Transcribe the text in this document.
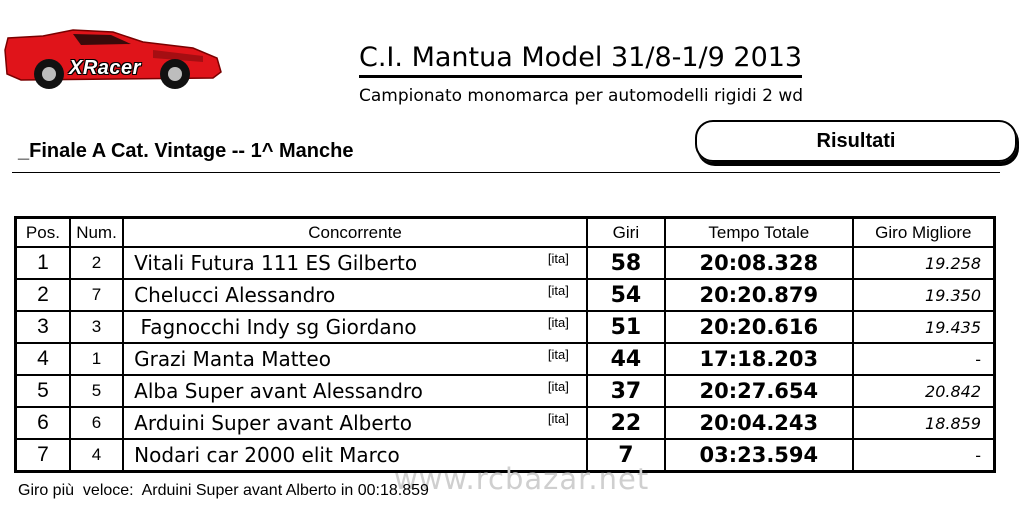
XRacer	C.I. Mantua Model 31/8-1/9 2013
Campionato monomarca per automodelli rigidi 2 wd
_Finale A Cat. Vintage -- 1^ Manche	Risultati
Pos.	Num.	Concorrente	Giri	Tempo Totale	Giro Migliore
1	2	Vitali Futura 111 ES Gilberto [ita]	58	20:08.328	19.258
2	7	Chelucci Alessandro [ita]	54	20:20.879	19.350
3	3	Fagnocchi Indy sg Giordano [ita]	51	20:20.616	19.435
4	1	Grazi Manta Matteo [ita]	44	17:18.203	-
5	5	Alba Super avant Alessandro [ita]	37	20:27.654	20.842
6	6	Arduini Super avant Alberto [ita]	22	20:04.243	18.859
7	4	Nodari car 2000 elit Marco	7	03:23.594	-
www.rcbazar.net
Giro più  veloce:  Arduini Super avant Alberto in 00:18.859
